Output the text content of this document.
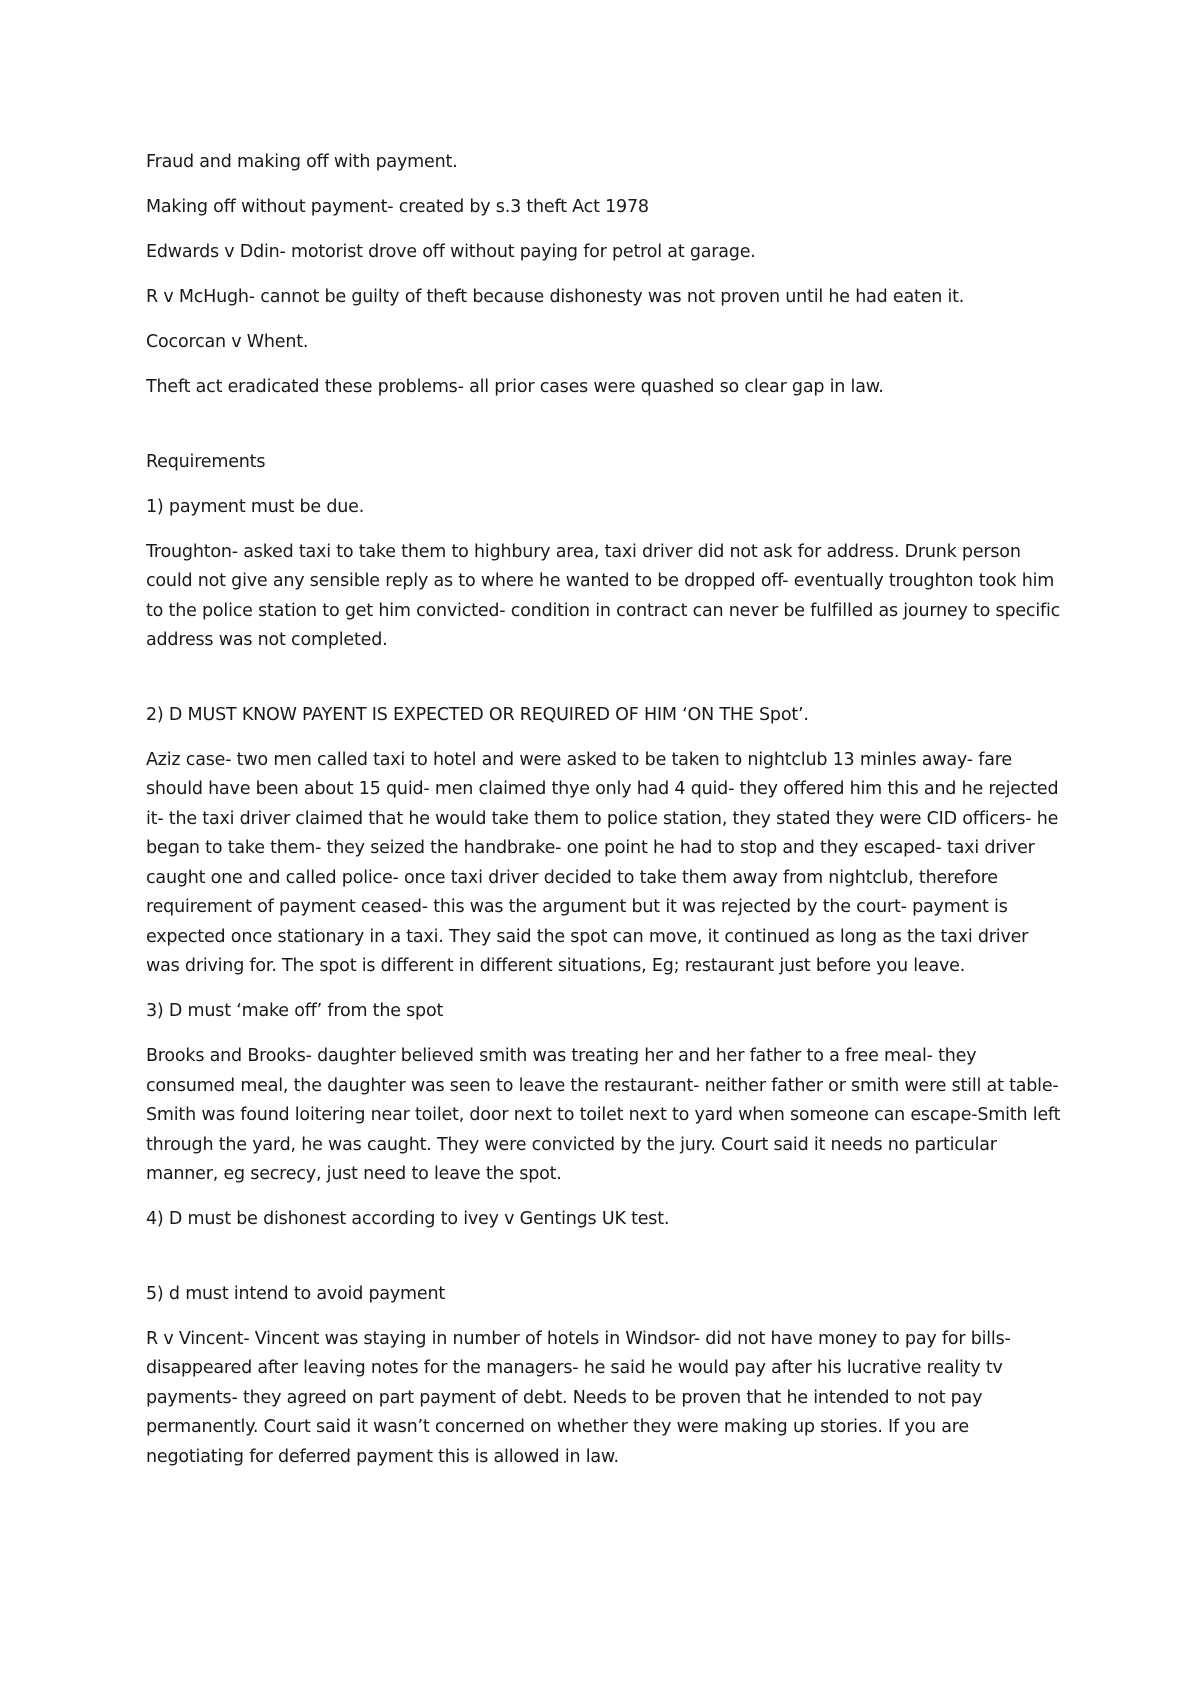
Fraud and making off with payment.

Making off without payment- created by s.3 theft Act 1978

Edwards v Ddin- motorist drove off without paying for petrol at garage.

R v McHugh- cannot be guilty of theft because dishonesty was not proven until he had eaten it.

Cocorcan v Whent.

Theft act eradicated these problems- all prior cases were quashed so clear gap in law.

Requirements

1) payment must be due.

Troughton- asked taxi to take them to highbury area, taxi driver did not ask for address. Drunk person could not give any sensible reply as to where he wanted to be dropped off- eventually troughton took him to the police station to get him convicted- condition in contract can never be fulfilled as journey to specific address was not completed.

2) D MUST KNOW PAYENT IS EXPECTED OR REQUIRED OF HIM ‘ON THE Spot’.

Aziz case- two men called taxi to hotel and were asked to be taken to nightclub 13 minles away- fare should have been about 15 quid- men claimed thye only had 4 quid- they offered him this and he rejected it- the taxi driver claimed that he would take them to police station, they stated they were CID officers- he began to take them- they seized the handbrake- one point he had to stop and they escaped- taxi driver caught one and called police- once taxi driver decided to take them away from nightclub, therefore requirement of payment ceased- this was the argument but it was rejected by the court- payment is expected once stationary in a taxi. They said the spot can move, it continued as long as the taxi driver was driving for. The spot is different in different situations, Eg; restaurant just before you leave.

3) D must ‘make off’ from the spot

Brooks and Brooks- daughter believed smith was treating her and her father to a free meal- they consumed meal, the daughter was seen to leave the restaurant- neither father or smith were still at table- Smith was found loitering near toilet, door next to toilet next to yard when someone can escape-Smith left through the yard, he was caught. They were convicted by the jury. Court said it needs no particular manner, eg secrecy, just need to leave the spot.

4) D must be dishonest according to ivey v Gentings UK test.

5) d must intend to avoid payment

R v Vincent- Vincent was staying in number of hotels in Windsor- did not have money to pay for bills- disappeared after leaving notes for the managers- he said he would pay after his lucrative reality tv payments- they agreed on part payment of debt. Needs to be proven that he intended to not pay permanently. Court said it wasn’t concerned on whether they were making up stories. If you are negotiating for deferred payment this is allowed in law.
